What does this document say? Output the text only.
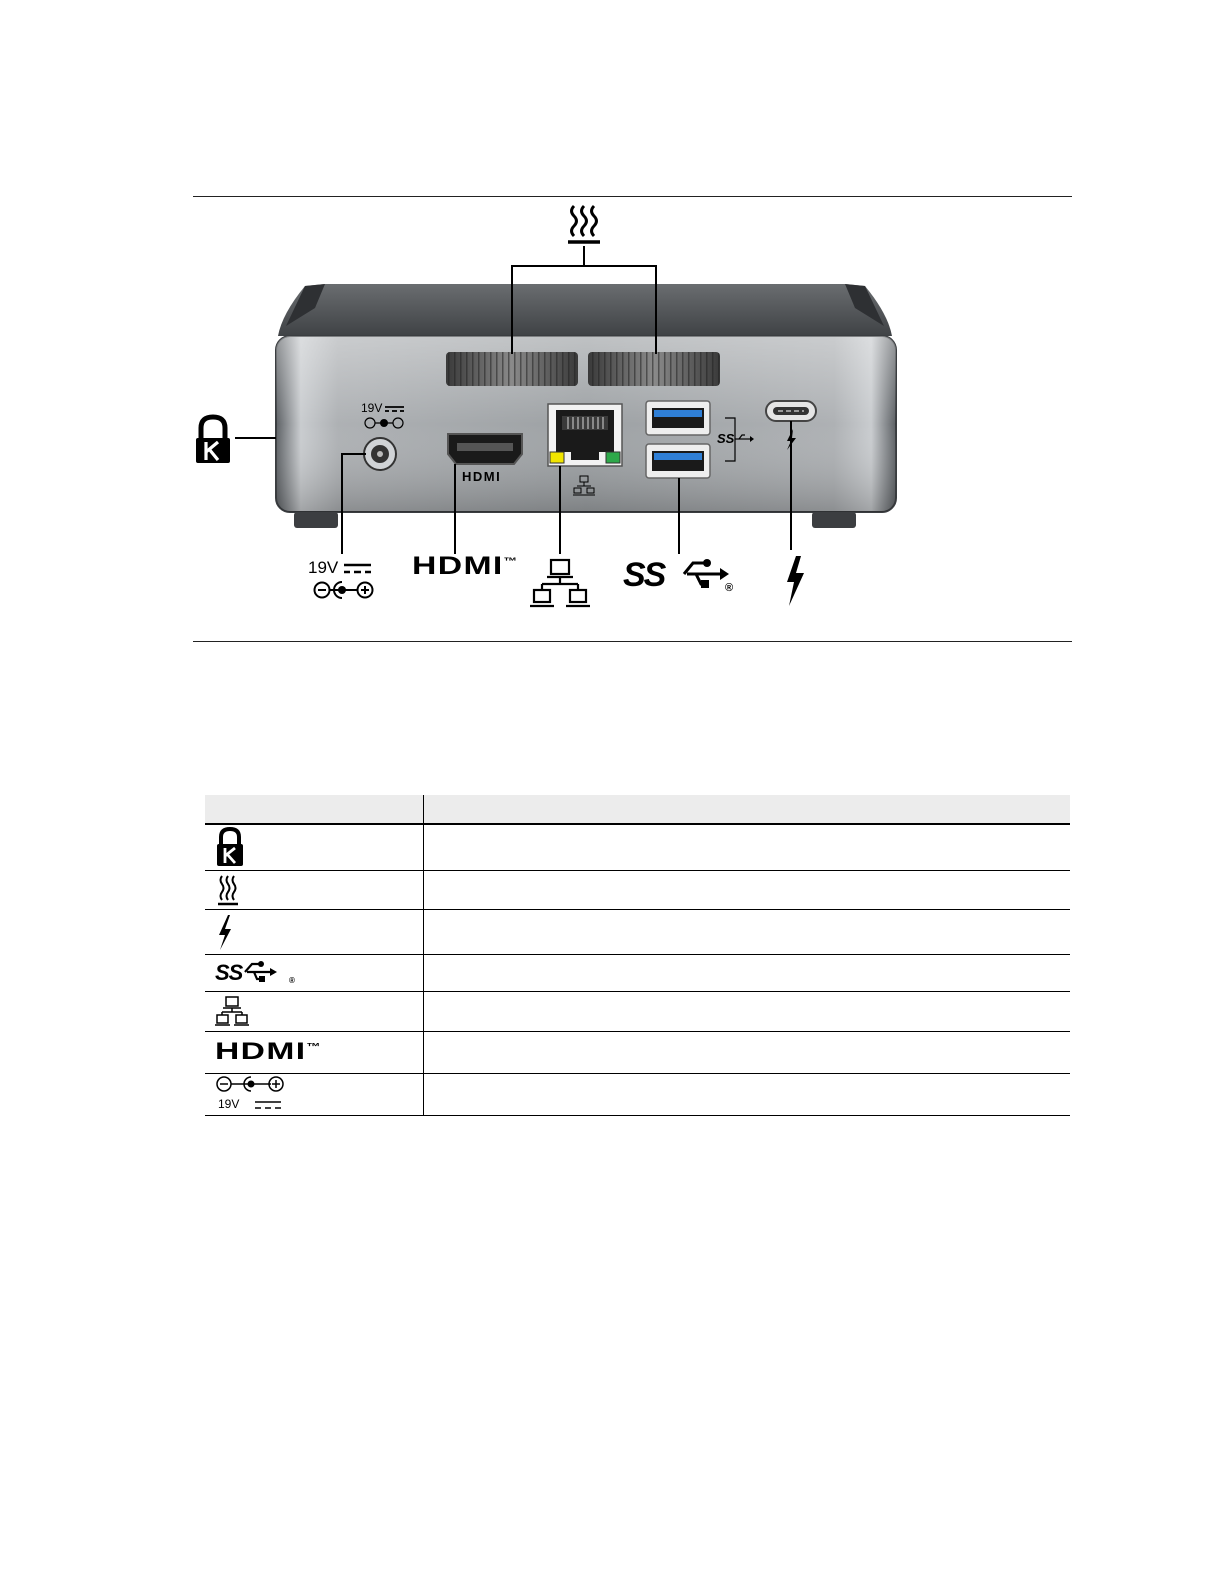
SS
19V
HDMI
19V	HDMI™	SS	®

SS ®	

HDMI™	

19V	
